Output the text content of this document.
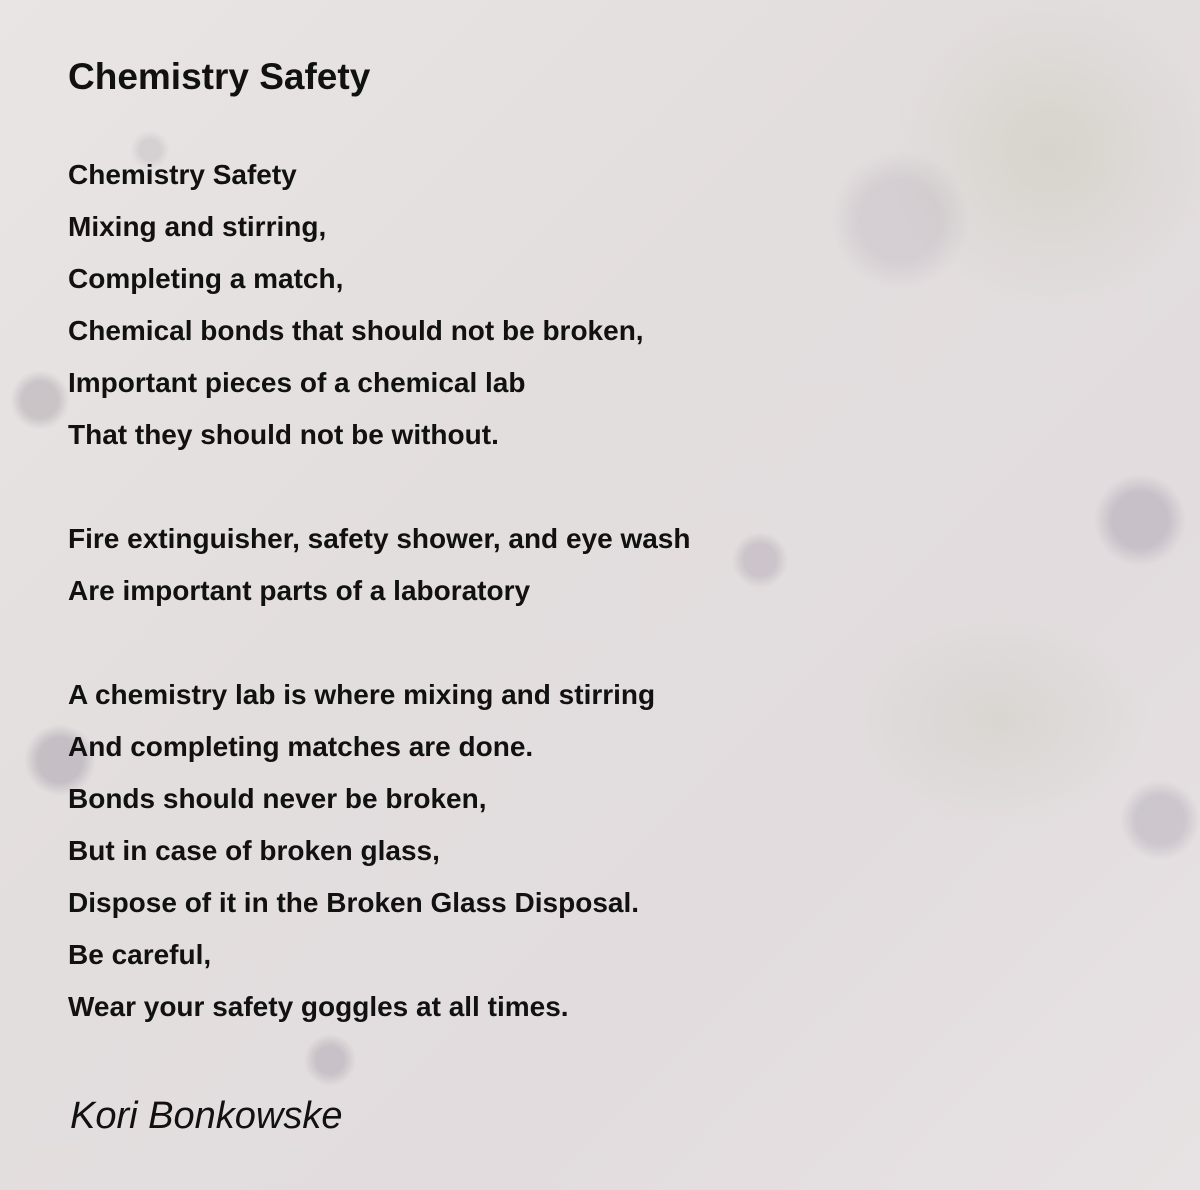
Chemistry Safety
Chemistry Safety
Mixing and stirring,
Completing a match,
Chemical bonds that should not be broken,
Important pieces of a chemical lab
That they should not be without.
Fire extinguisher, safety shower, and eye wash
Are important parts of a laboratory
A chemistry lab is where mixing and stirring
And completing matches are done.
Bonds should never be broken,
But in case of broken glass,
Dispose of it in the Broken Glass Disposal.
Be careful,
Wear your safety goggles at all times.
Kori Bonkowske
